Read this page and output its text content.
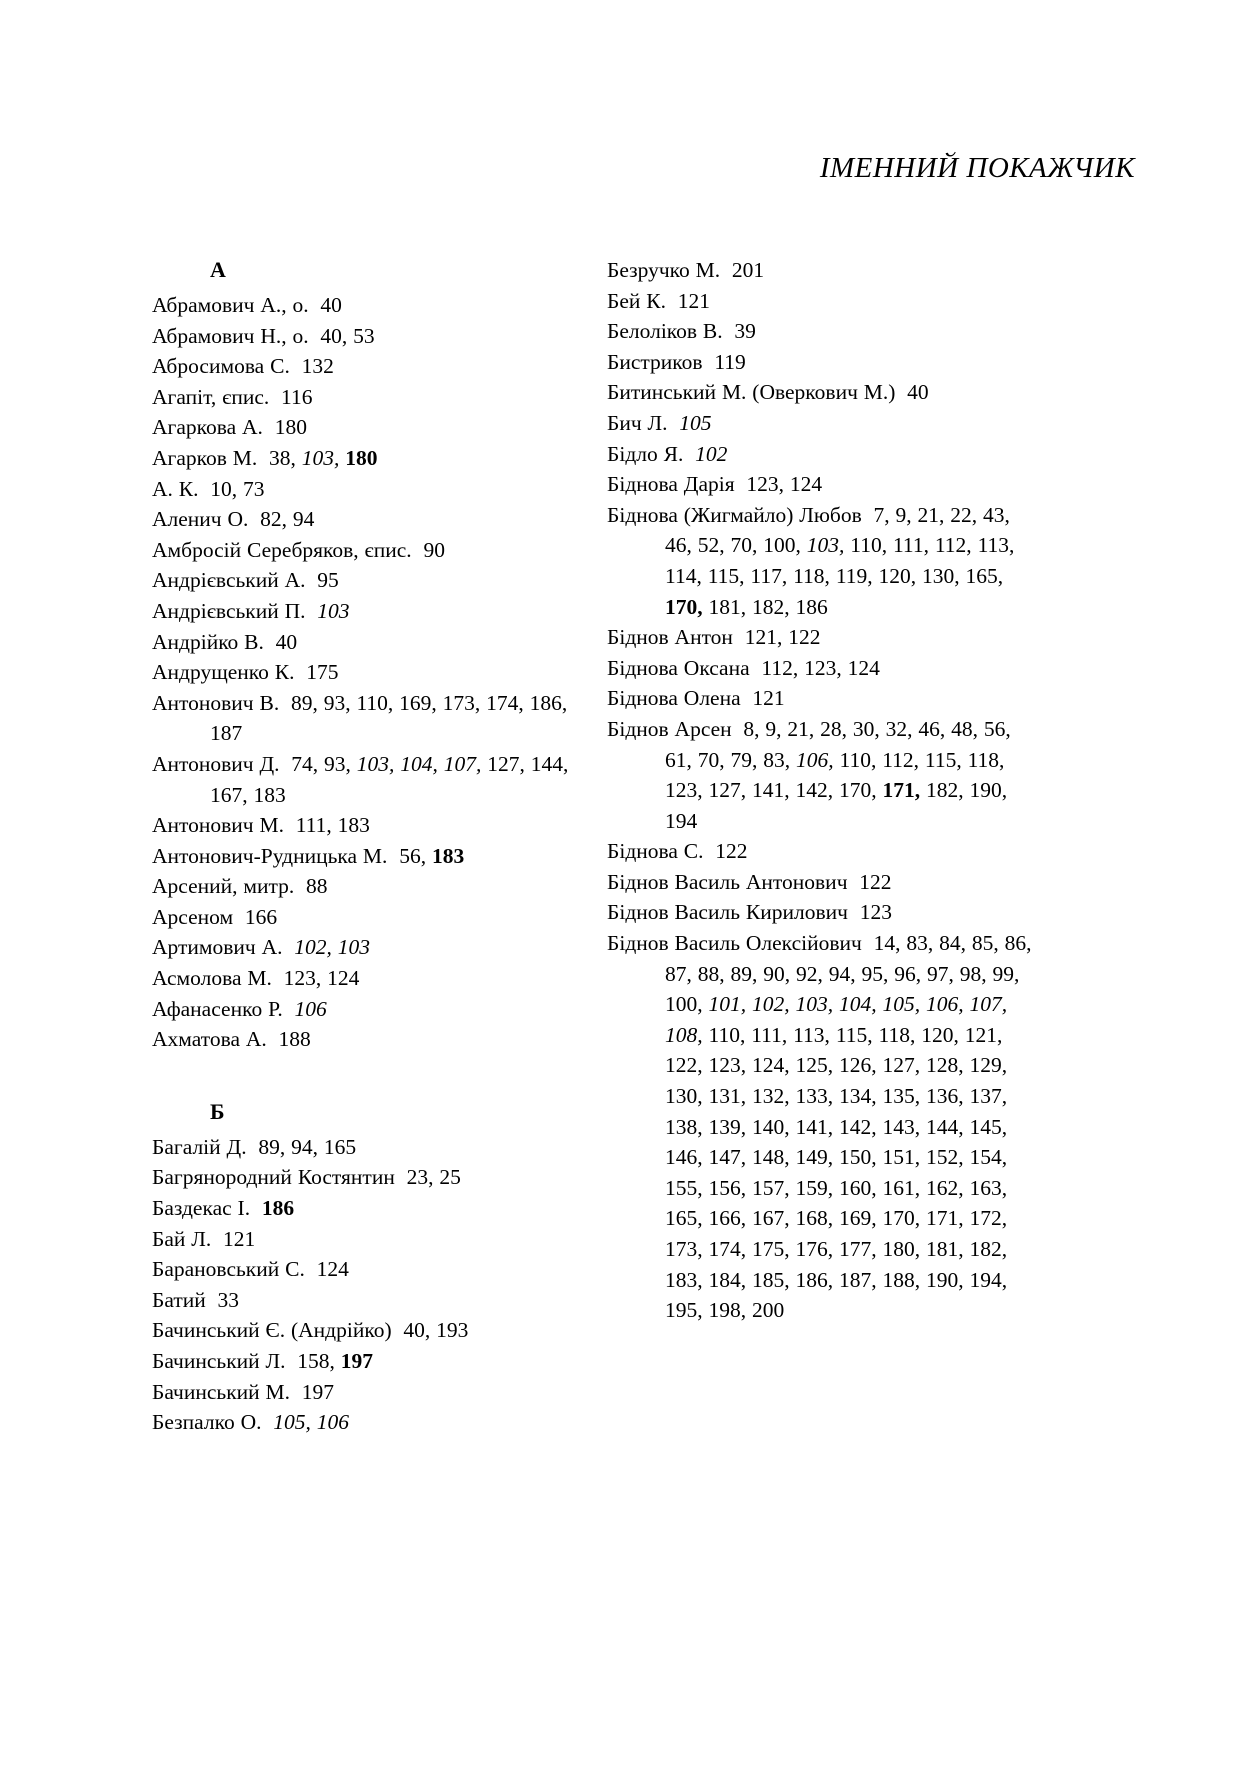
ІМЕННИЙ ПОКАЖЧИК
А
Абрамович А., о. 40
Абрамович Н., о. 40, 53
Абросимова С. 132
Агапіт, єпис. 116
Агаркова А. 180
Агарков М. 38, 103, 180
А. К. 10, 73
Аленич О. 82, 94
Амбросій Серебряков, єпис. 90
Андрієвський А. 95
Андрієвський П. 103
Андрійко В. 40
Андрущенко К. 175
Антонович В. 89, 93, 110, 169, 173, 174, 186, 187
Антонович Д. 74, 93, 103, 104, 107, 127, 144, 167, 183
Антонович М. 111, 183
Антонович-Рудницька М. 56, 183
Арсений, митр. 88
Арсеном 166
Артимович А. 102, 103
Асмолова М. 123, 124
Афанасенко Р. 106
Ахматова А. 188
Б
Багалій Д. 89, 94, 165
Багрянородний Костянтин 23, 25
Баздекас І. 186
Бай Л. 121
Барановський С. 124
Батий 33
Бачинський Є. (Андрійко) 40, 193
Бачинський Л. 158, 197
Бачинський М. 197
Безпалко О. 105, 106
Безручко М. 201
Бей К. 121
Белоліков В. 39
Бистриков 119
Битинський М. (Оверкович М.) 40
Бич Л. 105
Бідло Я. 102
Біднова Дарія 123, 124
Біднова (Жигмайло) Любов 7, 9, 21, 22, 43, 46, 52, 70, 100, 103, 110, 111, 112, 113, 114, 115, 117, 118, 119, 120, 130, 165, 170, 181, 182, 186
Біднов Антон 121, 122
Біднова Оксана 112, 123, 124
Біднова Олена 121
Біднов Арсен 8, 9, 21, 28, 30, 32, 46, 48, 56, 61, 70, 79, 83, 106, 110, 112, 115, 118, 123, 127, 141, 142, 170, 171, 182, 190, 194
Біднова С. 122
Біднов Василь Антонович 122
Біднов Василь Кирилович 123
Біднов Василь Олексійович 14, 83, 84, 85, 86, 87, 88, 89, 90, 92, 94, 95, 96, 97, 98, 99, 100, 101, 102, 103, 104, 105, 106, 107, 108, 110, 111, 113, 115, 118, 120, 121, 122, 123, 124, 125, 126, 127, 128, 129, 130, 131, 132, 133, 134, 135, 136, 137, 138, 139, 140, 141, 142, 143, 144, 145, 146, 147, 148, 149, 150, 151, 152, 154, 155, 156, 157, 159, 160, 161, 162, 163, 165, 166, 167, 168, 169, 170, 171, 172, 173, 174, 175, 176, 177, 180, 181, 182, 183, 184, 185, 186, 187, 188, 190, 194, 195, 198, 200
